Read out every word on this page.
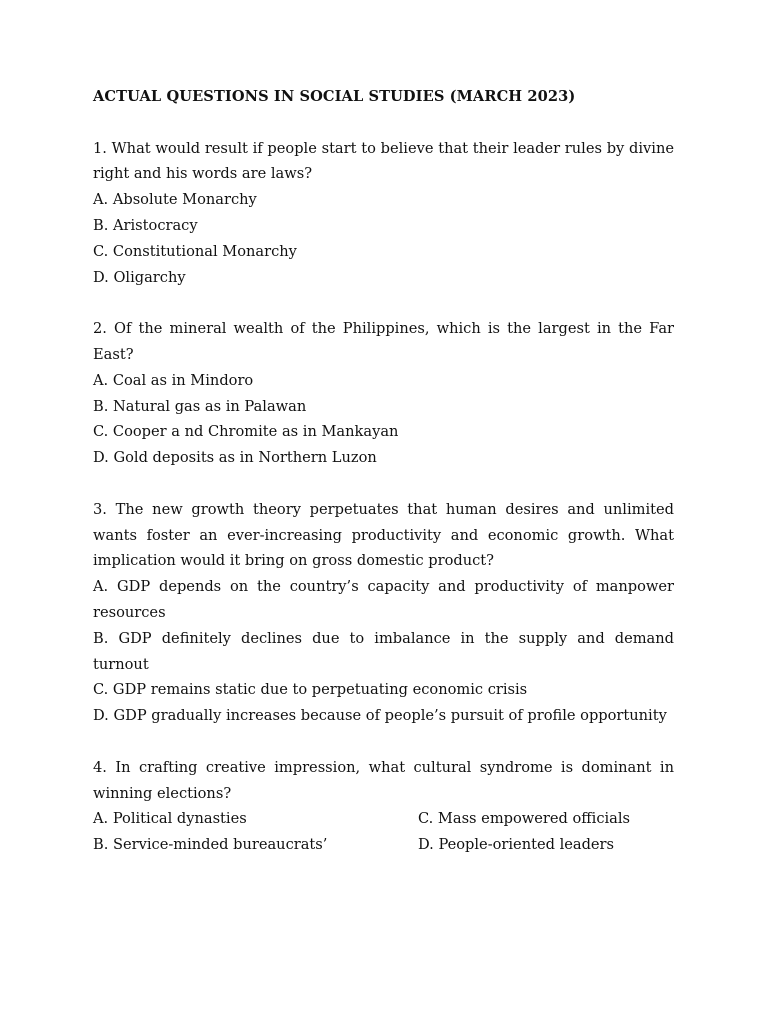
ACTUAL QUESTIONS IN SOCIAL STUDIES (MARCH 2023)

1. What would result if people start to believe that their leader rules by divine right and his words are laws?

A. Absolute Monarchy

B. Aristocracy

C. Constitutional Monarchy

D. Oligarchy

2. Of the mineral wealth of the Philippines, which is the largest in the Far East?

A. Coal as in Mindoro

B. Natural gas as in Palawan

C. Cooper a nd Chromite as in Mankayan

D. Gold deposits as in Northern Luzon

3. The new growth theory perpetuates that human desires and unlimited wants foster an ever-increasing productivity and economic growth. What implication would it bring on gross domestic product?

A. GDP depends on the country’s capacity and productivity of manpower resources

B. GDP definitely declines due to imbalance in the supply and demand turnout

C. GDP remains static due to perpetuating economic crisis

D. GDP gradually increases because of people’s pursuit of profile opportunity

4. In crafting creative impression, what cultural syndrome is dominant in winning elections?

A. Political dynasties	C. Mass empowered officials
B. Service-minded bureaucrats’	D. People-oriented leaders
